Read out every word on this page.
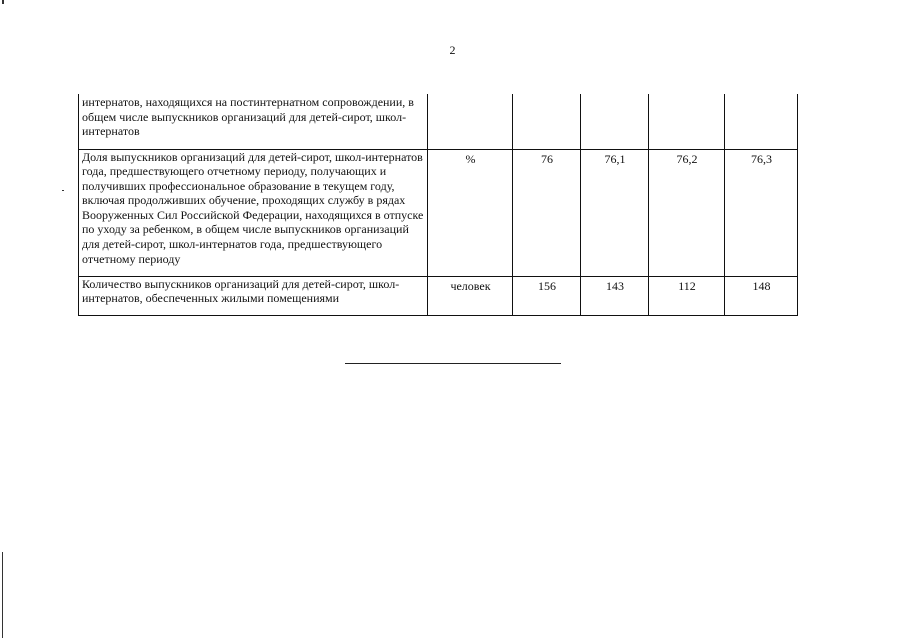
2
интернатов, находящихся на постинтернатном сопровождении, в общем числе выпускников организаций для детей-сирот, школ-интернатов					
Доля выпускников организаций для детей-сирот, школ-интернатов года, предшествующего отчетному периоду, получающих и получивших профессиональное образование в текущем году, включая продолживших обучение, проходящих службу в рядах Вооруженных Сил Российской Федерации, находящихся в отпуске по уходу за ребенком, в общем числе выпускников организаций для детей-сирот, школ-интернатов года, предшествующего отчетному периоду	%	76	76,1	76,2	76,3
Количество выпускников организаций для детей-сирот, школ-интернатов, обеспеченных жилыми помещениями	человек	156	143	112	148
